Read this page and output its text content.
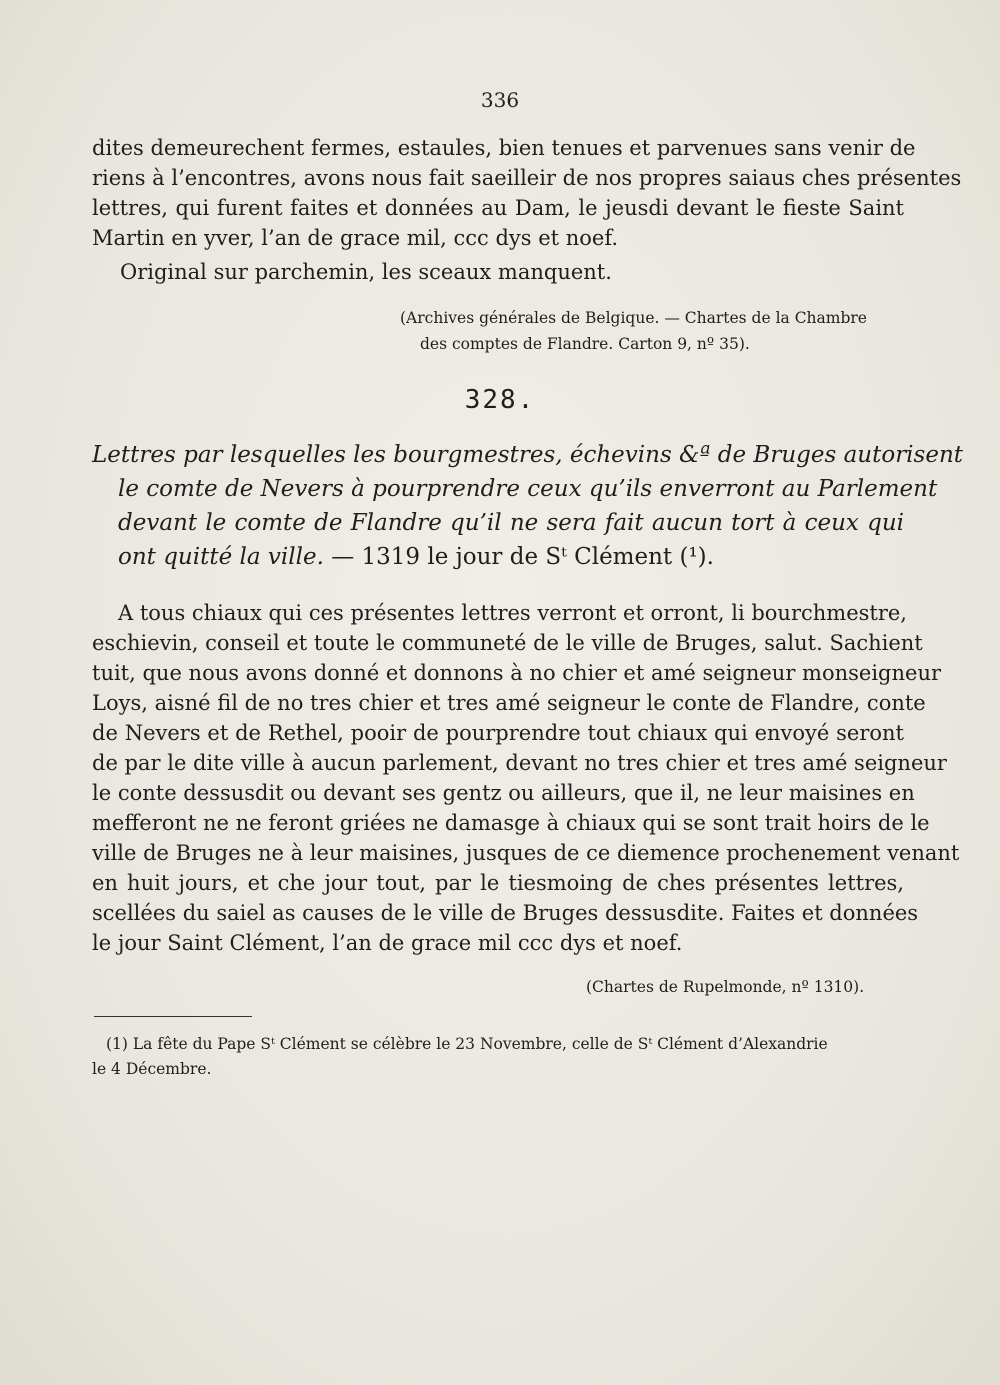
336
dites demeurechent fermes, estaules, bien tenues et parvenues sans venir de
riens à l’encontres, avons nous fait saeilleir de nos propres saiaus ches présentes
lettres, qui furent faites et données au Dam, le jeusdi devant le fieste Saint
Martin en yver, l’an de grace mil, ccc dys et noef.
Original sur parchemin, les sceaux manquent.
(Archives générales de Belgique. — Chartes de la Chambre
des comptes de Flandre. Carton 9, nº 35).
328.
Lettres par lesquelles les bourgmestres, échevins &ª de Bruges autorisent
le comte de Nevers à pourprendre ceux qu’ils enverront au Parlement
devant le comte de Flandre qu’il ne sera fait aucun tort à ceux qui
ont quitté la ville. — 1319 le jour de Sᵗ Clément (¹).
A tous chiaux qui ces présentes lettres verront et orront, li bourchmestre,
eschievin, conseil et toute le communeté de le ville de Bruges, salut. Sachient
tuit, que nous avons donné et donnons à no chier et amé seigneur monseigneur
Loys, aisné fil de no tres chier et tres amé seigneur le conte de Flandre, conte
de Nevers et de Rethel, pooir de pourprendre tout chiaux qui envoyé seront
de par le dite ville à aucun parlement, devant no tres chier et tres amé seigneur
le conte dessusdit ou devant ses gentz ou ailleurs, que il, ne leur maisines en
mefferont ne ne feront griées ne damasge à chiaux qui se sont trait hoirs de le
ville de Bruges ne à leur maisines, jusques de ce diemence prochenement venant
en huit jours, et che jour tout, par le tiesmoing de ches présentes lettres,
scellées du saiel as causes de le ville de Bruges dessusdite. Faites et données
le jour Saint Clément, l’an de grace mil ccc dys et noef.
(Chartes de Rupelmonde, nº 1310).
(1) La fête du Pape Sᵗ Clément se célèbre le 23 Novembre, celle de Sᵗ Clément d’Alexandrie
le 4 Décembre.
